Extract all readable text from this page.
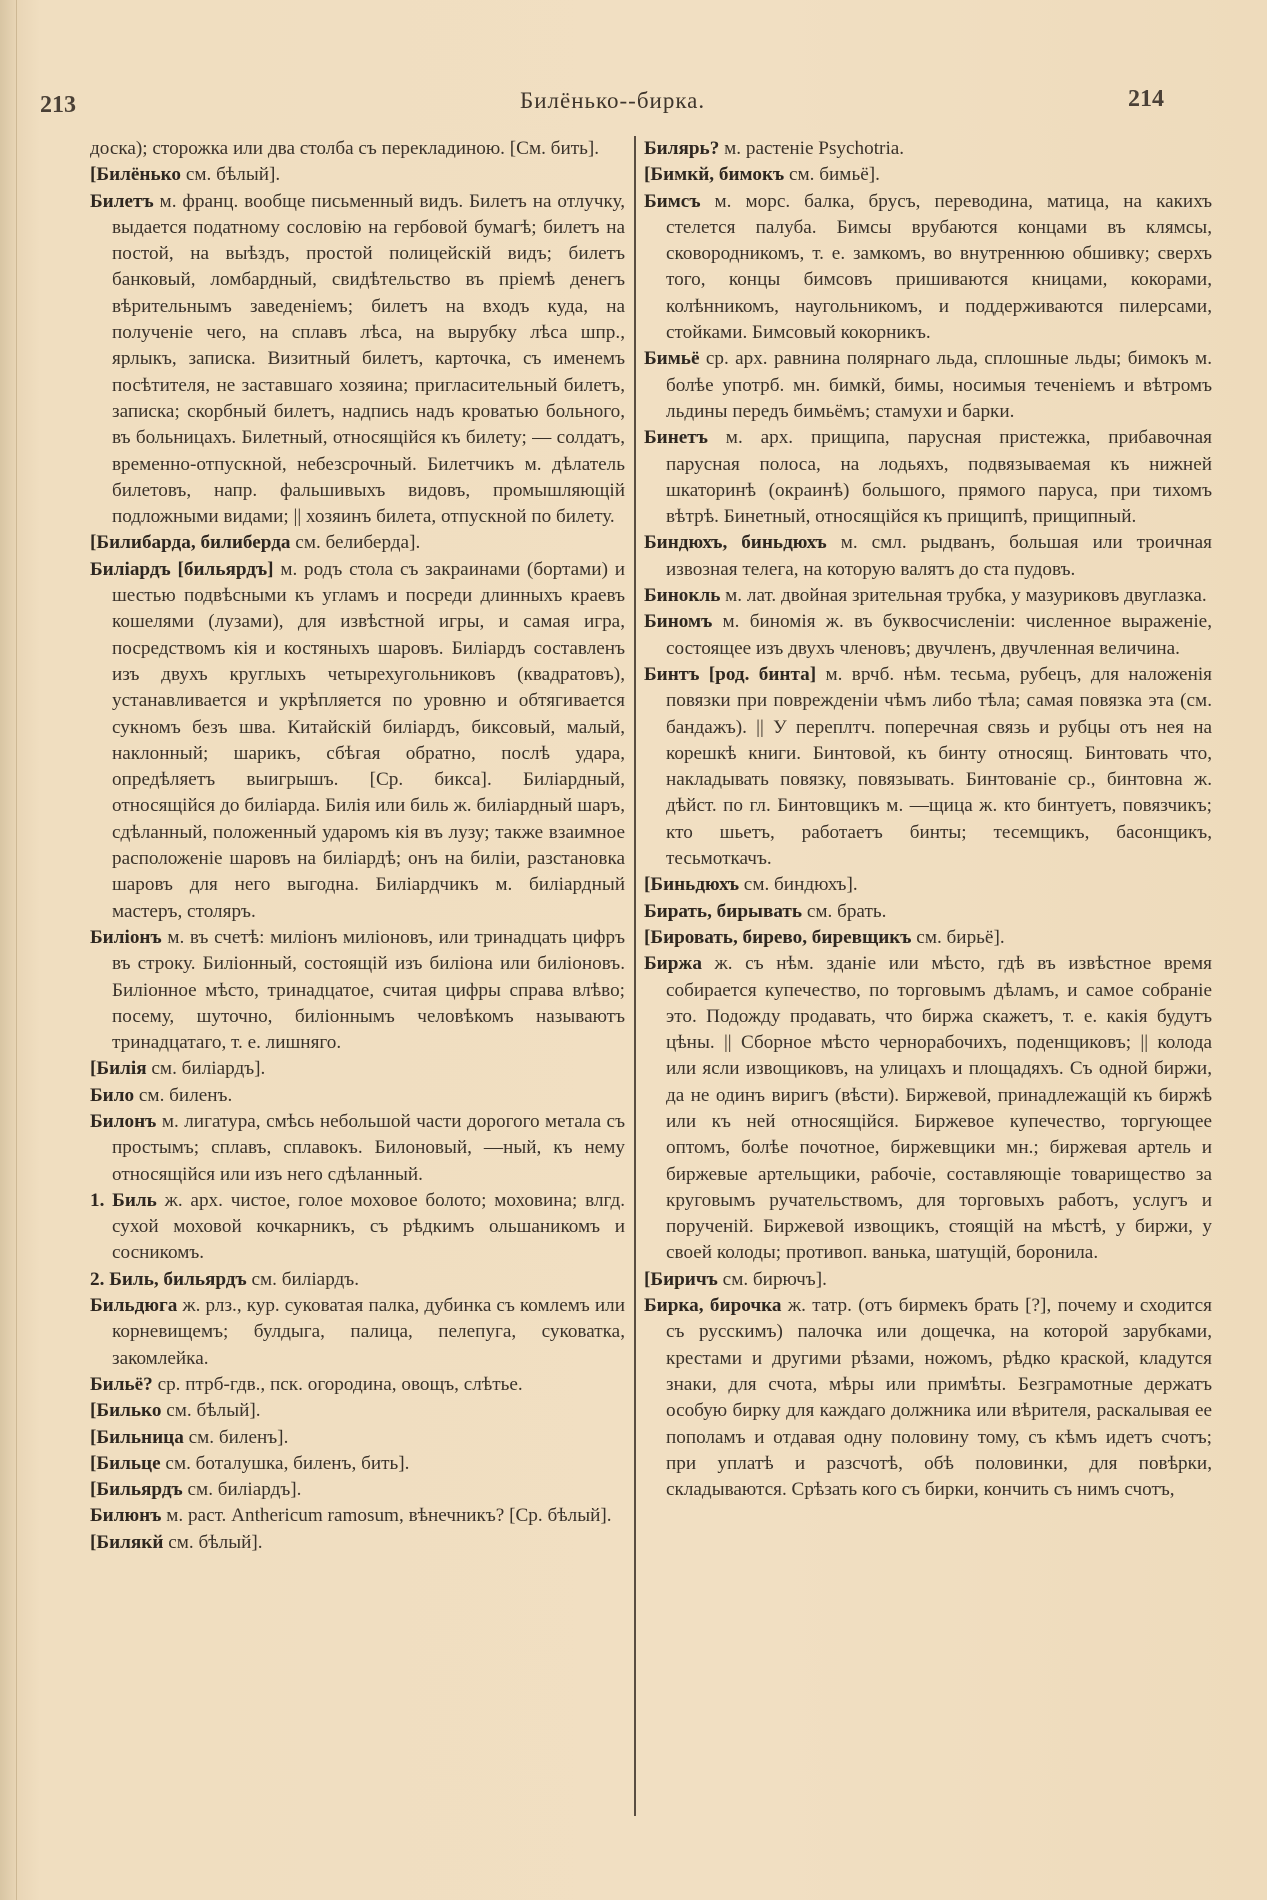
213	Билёнько--бирка.	214

доска); сторожка или два столба съ перекладиною. [См. бить].

[Билёнько см. бѣлый].

Билетъ м. франц. вообще письменный видъ. Билетъ на отлучку, выдается податному сословію на гербовой бумагѣ; билетъ на постой, на выѣздъ, простой полицейскій видъ; билетъ банковый, ломбардный, свидѣтельство въ пріемѣ денегъ вѣрительнымъ заведеніемъ; билетъ на входъ куда, на полученіе чего, на сплавъ лѣса, на вырубку лѣса шпр., ярлыкъ, записка. Визитный билетъ, карточка, съ именемъ посѣтителя, не заставшаго хозяина; пригласительный билетъ, записка; скорбный билетъ, надпись надъ кроватью больного, въ больницахъ. Билетный, относящійся къ билету; — солдатъ, временно-отпускной, небезсрочный. Билетчикъ м. дѣлатель билетовъ, напр. фальшивыхъ видовъ, промышляющій подложными видами; || хозяинъ билета, отпускной по билету.

[Билибарда, билиберда см. белиберда].

Биліардъ [бильярдъ] м. родъ стола съ закраинами (бортами) и шестью подвѣсными къ угламъ и посреди длинныхъ краевъ кошелями (лузами), для извѣстной игры, и самая игра, посредствомъ кія и костяныхъ шаровъ. Биліардъ составленъ изъ двухъ круглыхъ четырехугольниковъ (квадратовъ), устанавливается и укрѣпляется по уровню и обтягивается сукномъ безъ шва. Китайскій биліардъ, биксовый, малый, наклонный; шарикъ, сбѣгая обратно, послѣ удара, опредѣляетъ выигрышъ. [Ср. бикса]. Биліардный, относящійся до биліарда. Билія или биль ж. биліардный шаръ, сдѣланный, положенный ударомъ кія въ лузу; также взаимное расположеніе шаровъ на биліардѣ; онъ на биліи, разстановка шаровъ для него выгодна. Биліардчикъ м. биліардный мастеръ, столяръ.

Биліонъ м. въ счетѣ: миліонъ миліоновъ, или тринадцать цифръ въ строку. Биліонный, состоящій изъ биліона или биліоновъ. Биліонное мѣсто, тринадцатое, считая цифры справа влѣво; посему, шуточно, биліоннымъ человѣкомъ называютъ тринадцатаго, т. е. лишняго.

[Билія см. биліардъ].

Било см. биленъ.

Билонъ м. лигатура, смѣсь небольшой части дорогого метала съ простымъ; сплавъ, сплавокъ. Билоновый, —ный, къ нему относящійся или изъ него сдѣланный.

1. Биль ж. арх. чистое, голое моховое болото; моховина; влгд. сухой моховой кочкарникъ, съ рѣдкимъ ольшаникомъ и сосникомъ.

2. Биль, бильярдъ см. биліардъ.

Бильдюга ж. рлз., кур. суковатая палка, дубинка съ комлемъ или корневищемъ; булдыга, палица, пелепуга, суковатка, закомлейка.

Бильё? ср. птрб-гдв., пск. огородина, овощъ, слѣтье.

[Билько см. бѣлый].

[Бильница см. биленъ].

[Бильце см. боталушка, биленъ, бить].

[Бильярдъ см. биліардъ].

Билюнъ м. раст. Anthericum ramosum, вѣнечникъ? [Ср. бѣлый].

[Билякй см. бѣлый].

Билярь? м. растеніе Psychotria.

[Бимкй, бимокъ см. бимьё].

Бимсъ м. морс. балка, брусъ, переводина, матица, на какихъ стелется палуба. Бимсы врубаются концами въ клямсы, сковородникомъ, т. е. замкомъ, во внутреннюю обшивку; сверхъ того, концы бимсовъ пришиваются кницами, кокорами, колѣнникомъ, наугольникомъ, и поддерживаются пилерсами, стойками. Бимсовый кокорникъ.

Бимьё ср. арх. равнина полярнаго льда, сплошные льды; бимокъ м. болѣе употрб. мн. бимкй, бимы, носимыя теченіемъ и вѣтромъ льдины передъ бимьёмъ; стамухи и барки.

Бинетъ м. арх. прищипа, парусная пристежка, прибавочная парусная полоса, на лодьяхъ, подвязываемая къ нижней шкаторинѣ (окраинѣ) большого, прямого паруса, при тихомъ вѣтрѣ. Бинетный, относящійся къ прищипѣ, прищипный.

Биндюхъ, биньдюхъ м. смл. рыдванъ, большая или троичная извозная телега, на которую валятъ до ста пудовъ.

Бинокль м. лат. двойная зрительная трубка, у мазуриковъ двуглазка.

Биномъ м. биномія ж. въ буквосчисленіи: численное выраженіе, состоящее изъ двухъ членовъ; двучленъ, двучленная величина.

Бинтъ [род. бинта] м. врчб. нѣм. тесьма, рубецъ, для наложенія повязки при поврежденіи чѣмъ либо тѣла; самая повязка эта (см. бандажъ). || У переплтч. поперечная связь и рубцы отъ нея на корешкѣ книги. Бинтовой, къ бинту относящ. Бинтовать что, накладывать повязку, повязывать. Бинтованіе ср., бинтовна ж. дѣйст. по гл. Бинтовщикъ м. —щица ж. кто бинтуетъ, повязчикъ; кто шьетъ, работаетъ бинты; тесемщикъ, басонщикъ, тесьмоткачъ.

[Биньдюхъ см. биндюхъ].

Бирать, бирывать см. брать.

[Бировать, бирево, биревщикъ см. бирьё].

Биржа ж. съ нѣм. зданіе или мѣсто, гдѣ въ извѣстное время собирается купечество, по торговымъ дѣламъ, и самое собраніе это. Подожду продавать, что биржа скажетъ, т. е. какія будутъ цѣны. || Сборное мѣсто чернорабочихъ, поденщиковъ; || колода или ясли извощиковъ, на улицахъ и площадяхъ. Съ одной биржи, да не одинъ виригъ (вѣсти). Биржевой, принадлежащій къ биржѣ или къ ней относящійся. Биржевое купечество, торгующее оптомъ, болѣе почотное, биржевщики мн.; биржевая артель и биржевые артельщики, рабочіе, составляющіе товарищество за круговымъ ручательствомъ, для торговыхъ работъ, услугъ и порученій. Биржевой извощикъ, стоящій на мѣстѣ, у биржи, у своей колоды; противоп. ванька, шатущій, боронила.

[Биричъ см. бирючъ].

Бирка, бирочка ж. татр. (отъ бирмекъ брать [?], почему и сходится съ русскимъ) палочка или дощечка, на которой зарубками, крестами и другими рѣзами, ножомъ, рѣдко краской, кладутся знаки, для счота, мѣры или примѣты. Безграмотные держатъ особую бирку для каждаго должника или вѣрителя, раскалывая ее пополамъ и отдавая одну половину тому, съ кѣмъ идетъ счотъ; при уплатѣ и разсчотѣ, обѣ половинки, для повѣрки, складываются. Срѣзать кого съ бирки, кончить съ нимъ счотъ,
